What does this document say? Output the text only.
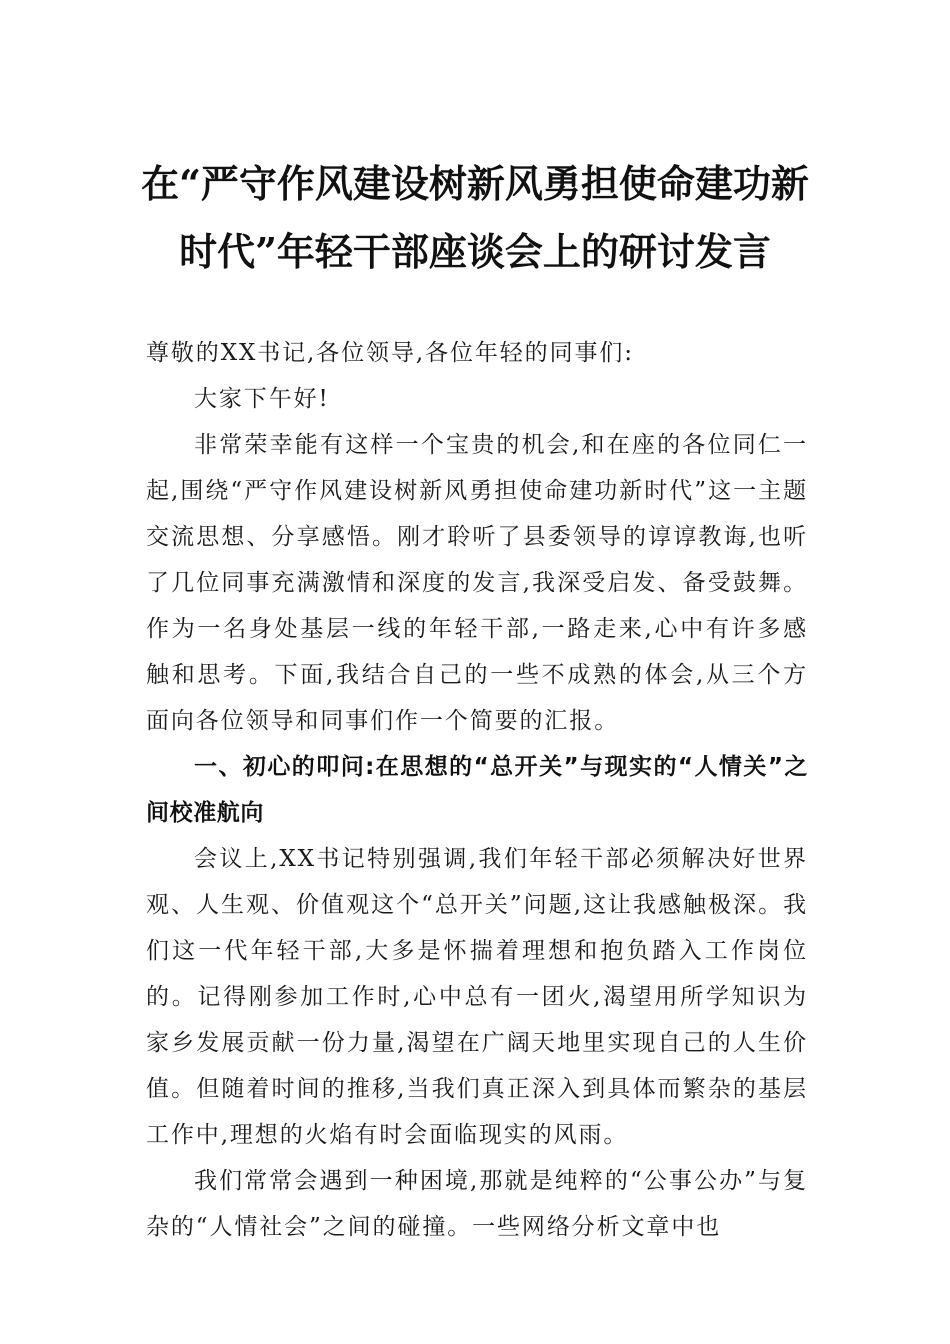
在“严守作风建设树新风勇担使命建功新时代”年轻干部座谈会上的研讨发言

尊敬的XX书记,各位领导,各位年轻的同事们:

大家下午好!

非常荣幸能有这样一个宝贵的机会,和在座的各位同仁一起,围绕“严守作风建设树新风勇担使命建功新时代”这一主题交流思想、分享感悟。刚才聆听了县委领导的谆谆教诲,也听了几位同事充满激情和深度的发言,我深受启发、备受鼓舞。作为一名身处基层一线的年轻干部,一路走来,心中有许多感触和思考。下面,我结合自己的一些不成熟的体会,从三个方面向各位领导和同事们作一个简要的汇报。

一、初心的叩问:在思想的“总开关”与现实的“人情关”之间校准航向

会议上,XX书记特别强调,我们年轻干部必须解决好世界观、人生观、价值观这个“总开关”问题,这让我感触极深。我们这一代年轻干部,大多是怀揣着理想和抱负踏入工作岗位的。记得刚参加工作时,心中总有一团火,渴望用所学知识为家乡发展贡献一份力量,渴望在广阔天地里实现自己的人生价值。但随着时间的推移,当我们真正深入到具体而繁杂的基层工作中,理想的火焰有时会面临现实的风雨。

我们常常会遇到一种困境,那就是纯粹的“公事公办”与复杂的“人情社会”之间的碰撞。一些网络分析文章中也
